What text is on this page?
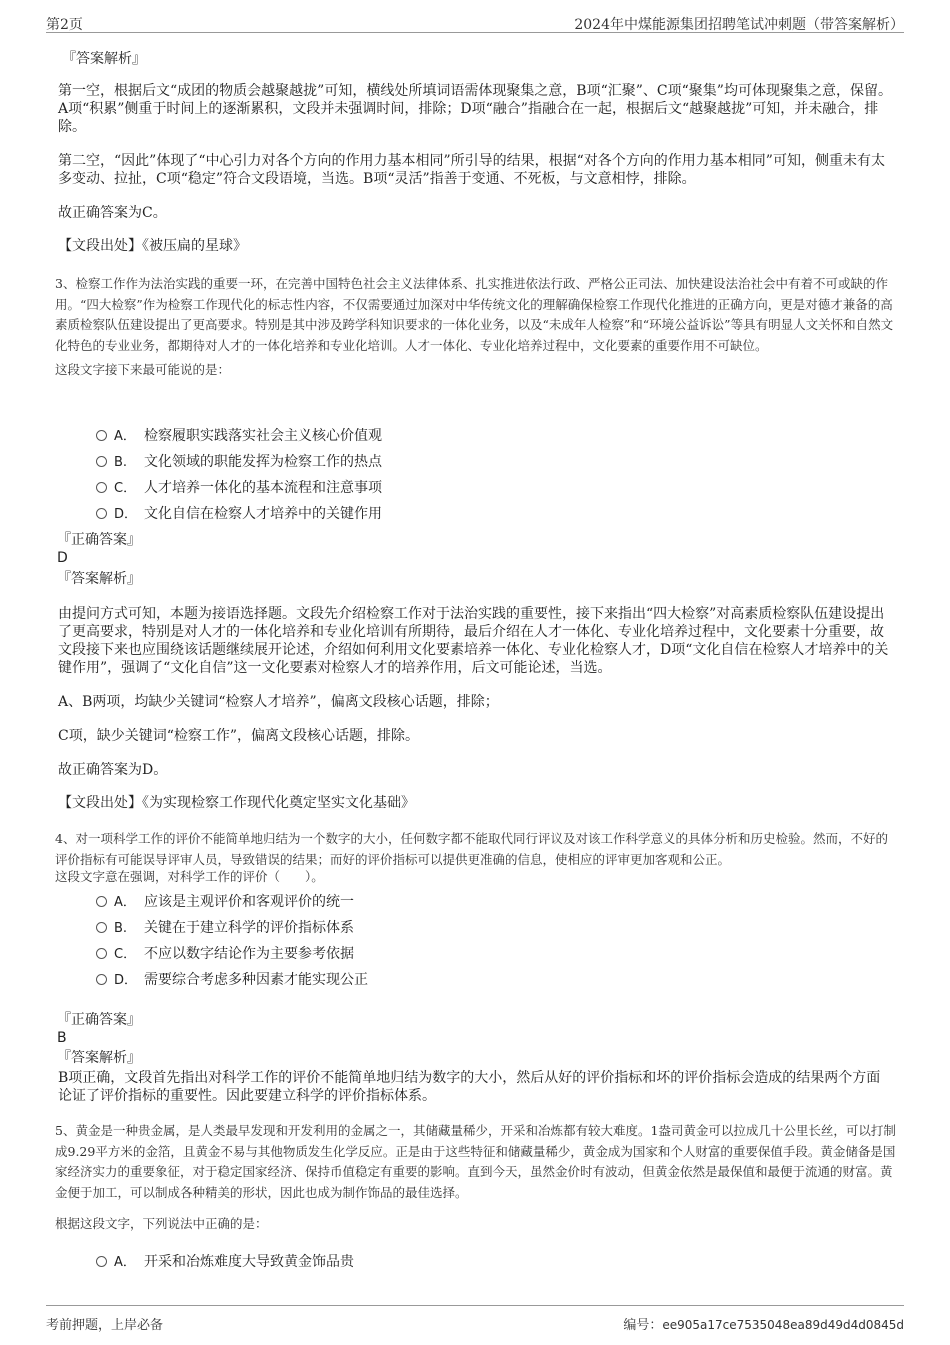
第2页	2024年中煤能源集团招聘笔试冲刺题（带答案解析）
『答案解析』
第一空，根据后文“成团的物质会越聚越拢”可知，横线处所填词语需体现聚集之意，B项“汇聚”、C项“聚集”均可体现聚集之意，保留。A项“积累”侧重于时间上的逐渐累积，文段并未强调时间，排除；D项“融合”指融合在一起，根据后文“越聚越拢”可知，并未融合，排除。
第二空，“因此”体现了“中心引力对各个方向的作用力基本相同”所引导的结果，根据“对各个方向的作用力基本相同”可知，侧重未有太多变动、拉扯，C项“稳定”符合文段语境，当选。B项“灵活”指善于变通、不死板，与文意相悖，排除。
故正确答案为C。
【文段出处】《被压扁的星球》
3、检察工作作为法治实践的重要一环，在完善中国特色社会主义法律体系、扎实推进依法行政、严格公正司法、加快建设法治社会中有着不可或缺的作用。“四大检察”作为检察工作现代化的标志性内容，不仅需要通过加深对中华传统文化的理解确保检察工作现代化推进的正确方向，更是对德才兼备的高素质检察队伍建设提出了更高要求。特别是其中涉及跨学科知识要求的一体化业务，以及“未成年人检察”和“环境公益诉讼”等具有明显人文关怀和自然文化特色的专业业务，都期待对人才的一体化培养和专业化培训。人才一体化、专业化培养过程中，文化要素的重要作用不可缺位。
这段文字接下来最可能说的是：
A． 检察履职实践落实社会主义核心价值观
B. 文化领域的职能发挥为检察工作的热点
C． 人才培养一体化的基本流程和注意事项
D． 文化自信在检察人才培养中的关键作用
『正确答案』
D
『答案解析』
由提问方式可知，本题为接语选择题。文段先介绍检察工作对于法治实践的重要性，接下来指出“四大检察”对高素质检察队伍建设提出了更高要求，特别是对人才的一体化培养和专业化培训有所期待，最后介绍在人才一体化、专业化培养过程中，文化要素十分重要，故文段接下来也应围绕该话题继续展开论述，介绍如何利用文化要素培养一体化、专业化检察人才，D项“文化自信在检察人才培养中的关键作用”，强调了“文化自信”这一文化要素对检察人才的培养作用，后文可能论述，当选。
A、B两项，均缺少关键词“检察人才培养”，偏离文段核心话题，排除；
C项，缺少关键词“检察工作”，偏离文段核心话题，排除。
故正确答案为D。
【文段出处】《为实现检察工作现代化奠定坚实文化基础》
4、对一项科学工作的评价不能简单地归结为一个数字的大小，任何数字都不能取代同行评议及对该工作科学意义的具体分析和历史检验。然而，不好的评价指标有可能误导评审人员，导致错误的结果；而好的评价指标可以提供更准确的信息，使相应的评审更加客观和公正。
这段文字意在强调，对科学工作的评价（　　）。
A． 应该是主观评价和客观评价的统一
B. 关键在于建立科学的评价指标体系
C． 不应以数字结论作为主要参考依据
D． 需要综合考虑多种因素才能实现公正
『正确答案』
B
『答案解析』
B项正确，文段首先指出对科学工作的评价不能简单地归结为数字的大小，然后从好的评价指标和坏的评价指标会造成的结果两个方面论证了评价指标的重要性。因此要建立科学的评价指标体系。
5、黄金是一种贵金属，是人类最早发现和开发利用的金属之一，其储藏量稀少，开采和冶炼都有较大难度。1盎司黄金可以拉成几十公里长丝，可以打制成9.29平方米的金箔，且黄金不易与其他物质发生化学反应。正是由于这些特征和储藏量稀少，黄金成为国家和个人财富的重要保值手段。黄金储备是国家经济实力的重要象征，对于稳定国家经济、保持币值稳定有重要的影响。直到今天，虽然金价时有波动，但黄金依然是最保值和最便于流通的财富。黄金便于加工，可以制成各种精美的形状，因此也成为制作饰品的最佳选择。
根据这段文字，下列说法中正确的是：
A． 开采和冶炼难度大导致黄金饰品贵
考前押题，上岸必备	编号：ee905a17ce7535048ea89d49d4d0845d
